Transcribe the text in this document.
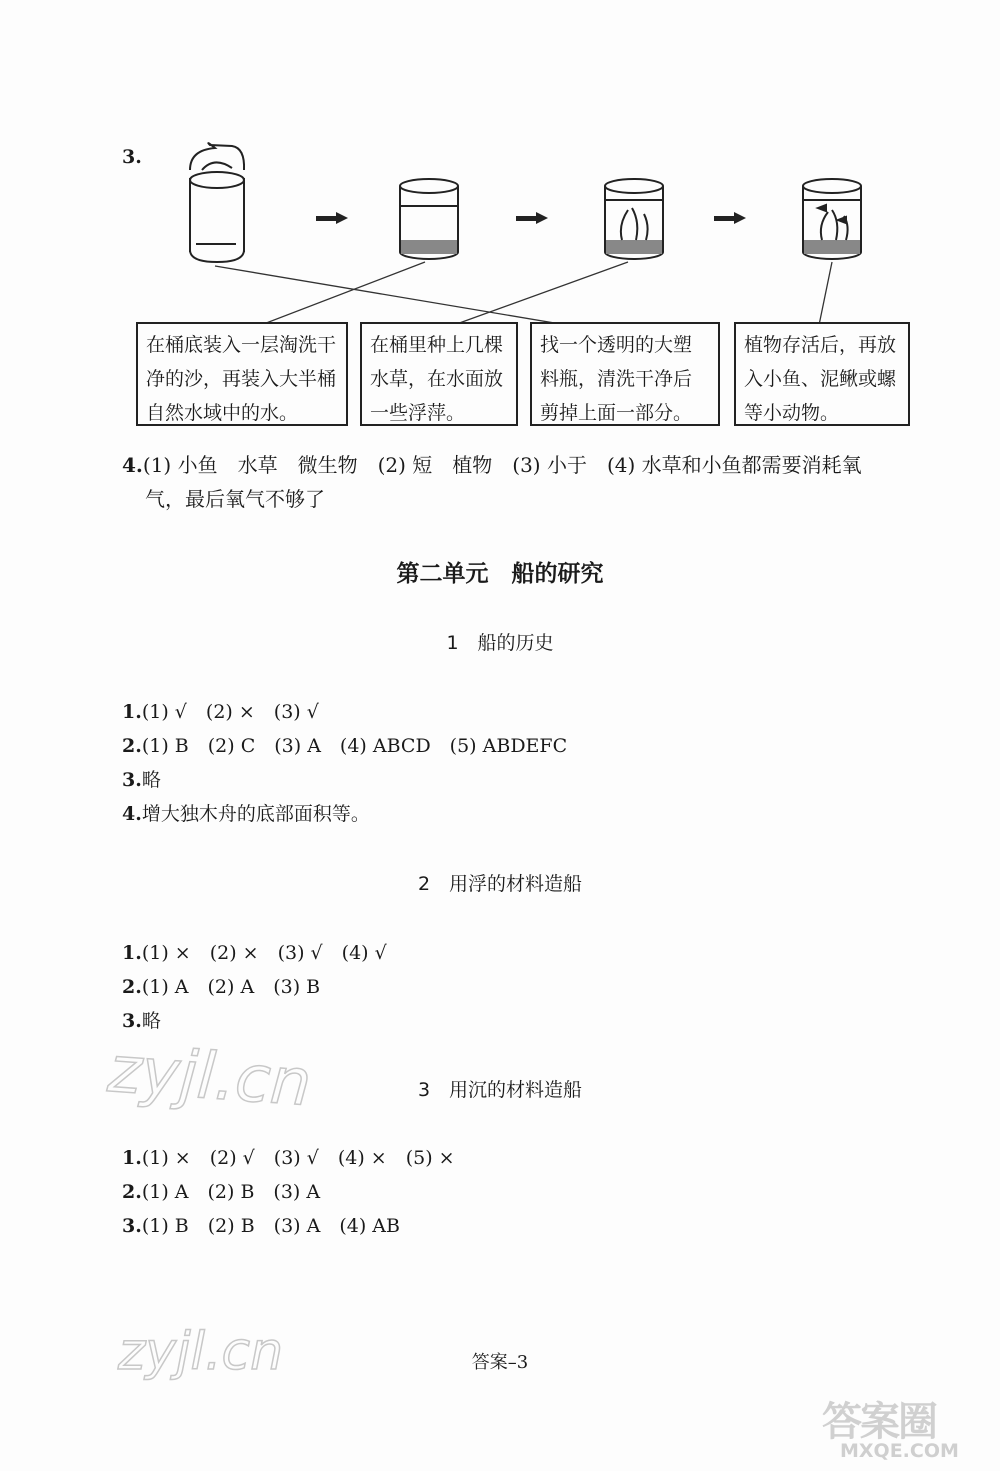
3.
在桶底装入一层淘洗干净的沙，再装入大半桶自然水域中的水。
在桶里种上几棵水草，在水面放一些浮萍。
找一个透明的大塑料瓶，清洗干净后剪掉上面一部分。
植物存活后，再放入小鱼、泥鳅或螺等小动物。
4.(1) 小鱼　水草　微生物　(2) 短　植物　(3) 小于　(4) 水草和小鱼都需要消耗氧
气，最后氧气不够了
第二单元　船的研究
1　船的历史
1.(1) √　(2) ×　(3) √
2.(1) B　(2) C　(3) A　(4) ABCD　(5) ABDEFC
3.略
4.增大独木舟的底部面积等。
2　用浮的材料造船
1.(1) ×　(2) ×　(3) √　(4) √
2.(1) A　(2) A　(3) B
3.略
3　用沉的材料造船
1.(1) ×　(2) √　(3) √　(4) ×　(5) ×
2.(1) A　(2) B　(3) A
3.(1) B　(2) B　(3) A　(4) AB
zyjl.cn
zyjl.cn	答案–3
答案圈
MXQE.COM
